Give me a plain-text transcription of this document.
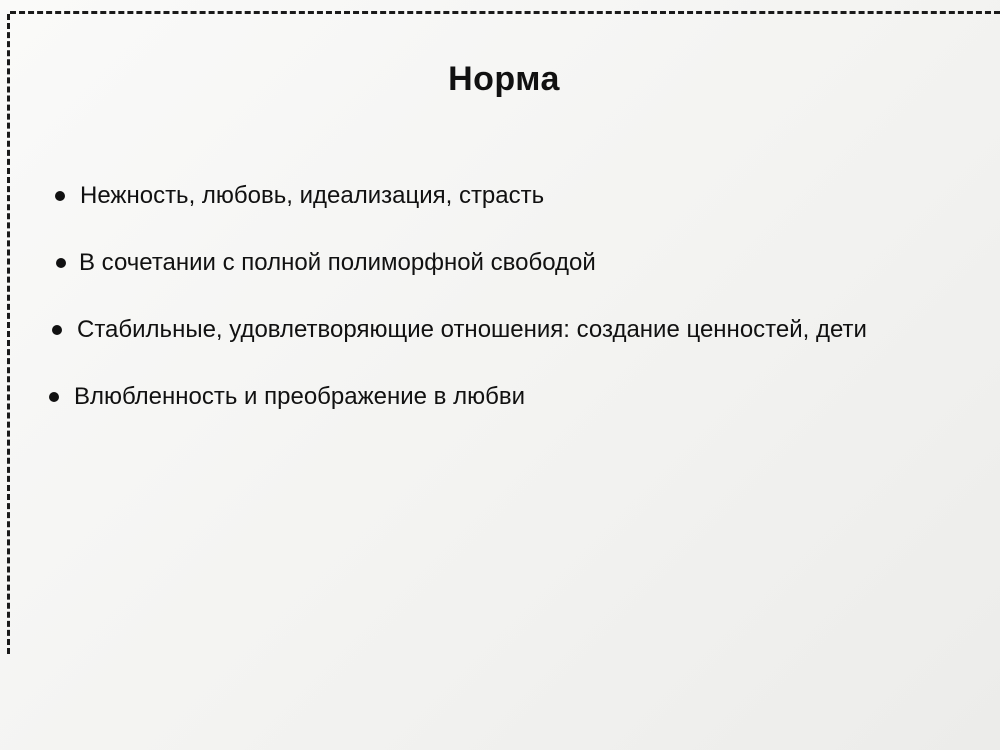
Норма
Нежность, любовь, идеализация, страсть
В сочетании с полной полиморфной свободой
Стабильные, удовлетворяющие отношения: создание ценностей, дети
Влюбленность и преображение в любви
